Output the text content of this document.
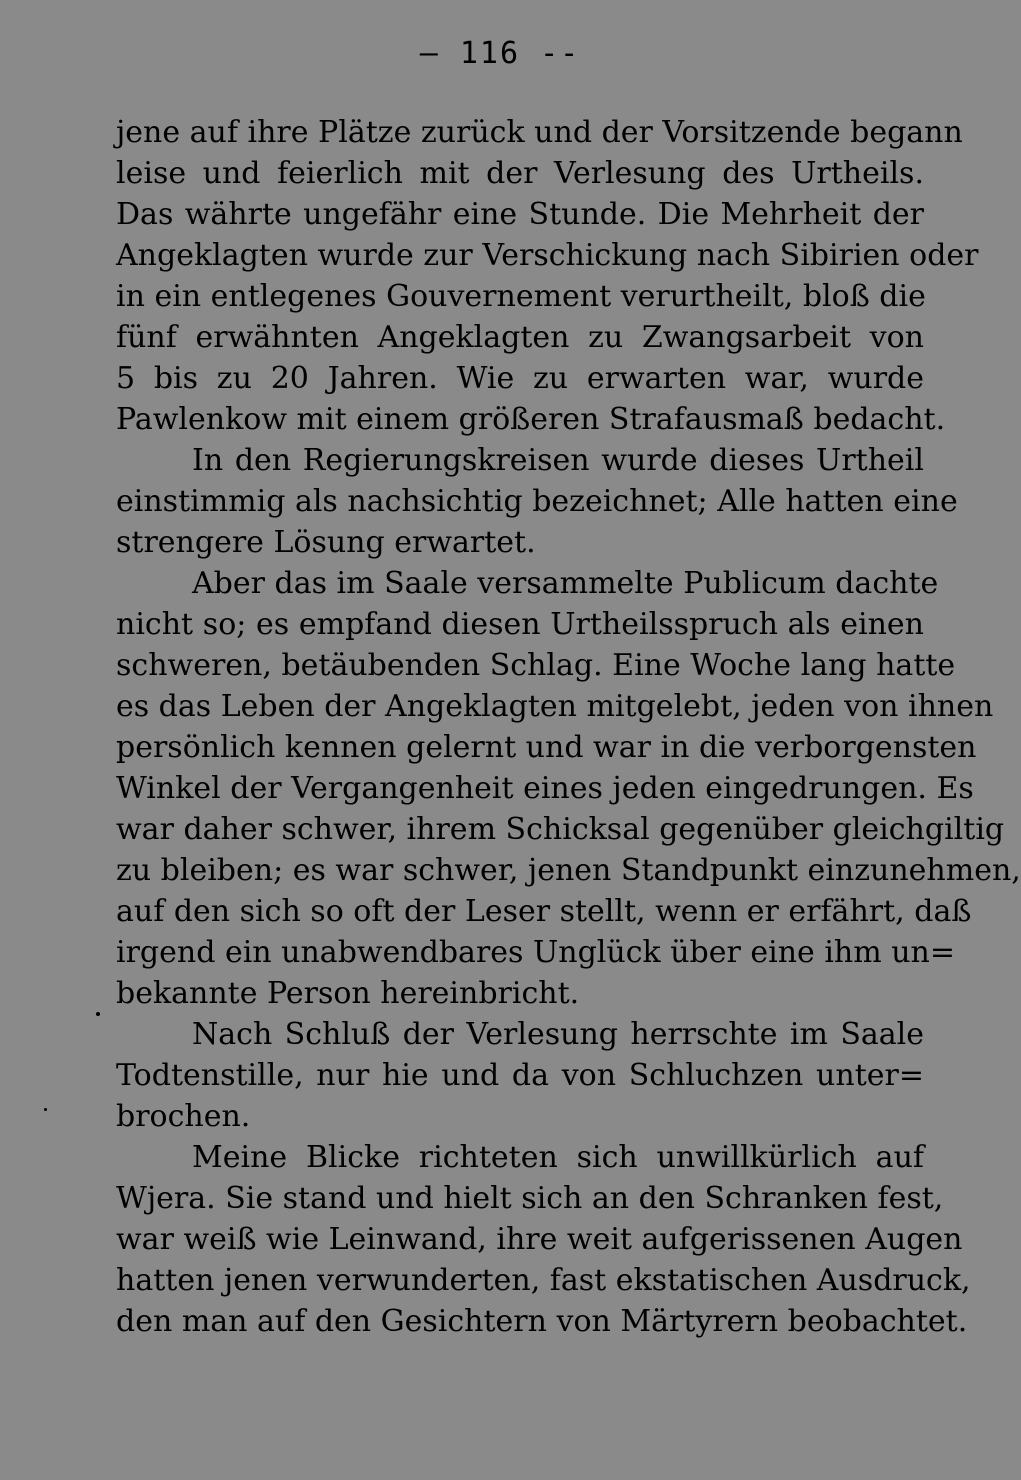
— 116 --
jene auf ihre Plätze zurück und der Vorsitzende begann
leise und feierlich mit der Verlesung des Urtheils.
Das währte ungefähr eine Stunde. Die Mehrheit der
Angeklagten wurde zur Verschickung nach Sibirien oder
in ein entlegenes Gouvernement verurtheilt, bloß die
fünf erwähnten Angeklagten zu Zwangsarbeit von
5 bis zu 20 Jahren. Wie zu erwarten war, wurde
Pawlenkow mit einem größeren Strafausmaß bedacht.
In den Regierungskreisen wurde dieses Urtheil
einstimmig als nachsichtig bezeichnet; Alle hatten eine
strengere Lösung erwartet.
Aber das im Saale versammelte Publicum dachte
nicht so; es empfand diesen Urtheilsspruch als einen
schweren, betäubenden Schlag. Eine Woche lang hatte
es das Leben der Angeklagten mitgelebt, jeden von ihnen
persönlich kennen gelernt und war in die verborgensten
Winkel der Vergangenheit eines jeden eingedrungen. Es
war daher schwer, ihrem Schicksal gegenüber gleichgiltig
zu bleiben; es war schwer, jenen Standpunkt einzunehmen,
auf den sich so oft der Leser stellt, wenn er erfährt, daß
irgend ein unabwendbares Unglück über eine ihm un=
bekannte Person hereinbricht.
Nach Schluß der Verlesung herrschte im Saale
Todtenstille, nur hie und da von Schluchzen unter=
brochen.
Meine Blicke richteten sich unwillkürlich auf
Wjera. Sie stand und hielt sich an den Schranken fest,
war weiß wie Leinwand, ihre weit aufgerissenen Augen
hatten jenen verwunderten, fast ekstatischen Ausdruck,
den man auf den Gesichtern von Märtyrern beobachtet.
